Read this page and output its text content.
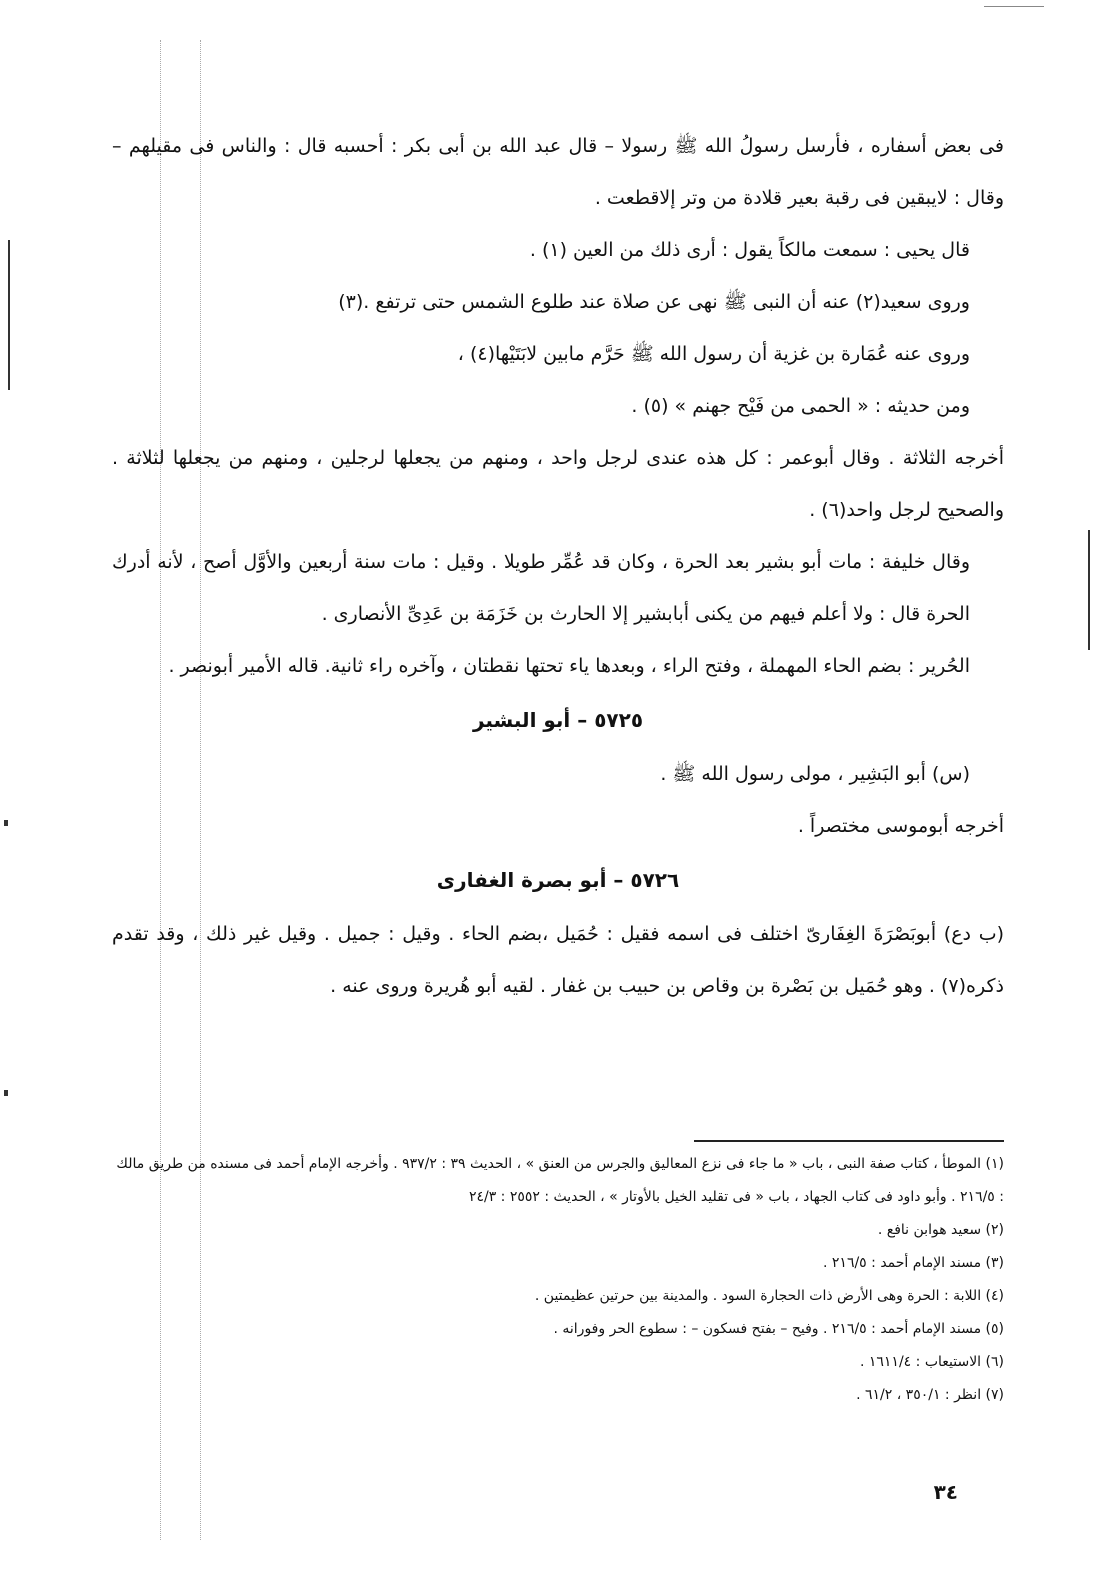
فى بعض أسفاره ، فأرسل رسولُ الله ﷺ رسولا – قال عبد الله بن أبى بكر : أحسبه قال : والناس فى مقيلهم – وقال : لايبقين فى رقبة بعير قلادة من وتر إلاقطعت .

قال يحيى : سمعت مالكاً يقول : أرى ذلك من العين (١) .

وروى سعيد(٢) عنه أن النبى ﷺ نهى عن صلاة عند طلوع الشمس حتى ترتفع .(٣)

وروى عنه عُمَارة بن غزية أن رسول الله ﷺ حَرَّم مابين لابَتَيْها(٤) ،

ومن حديثه : « الحمى من فَيْح جهنم » (٥) .

أخرجه الثلاثة . وقال أبوعمر : كل هذه عندى لرجل واحد ، ومنهم من يجعلها لرجلين ، ومنهم من يجعلها لثلاثة . والصحيح لرجل واحد(٦) .

وقال خليفة : مات أبو بشير بعد الحرة ، وكان قد عُمِّر طويلا . وقيل : مات سنة أربعين والأوَّل أصح ، لأنه أدرك الحرة قال : ولا أعلم فيهم من يكنى أبابشير إلا الحارث بن خَزَمَة بن عَدِىِّ الأنصارى .

الحُرير : بضم الحاء المهملة ، وفتح الراء ، وبعدها ياء تحتها نقطتان ، وآخره راء ثانية. قاله الأمير أبونصر .

٥٧٢٥ – أبو البشير

(س) أبو البَشِير ، مولى رسول الله ﷺ .

أخرجه أبوموسى مختصراً .

٥٧٢٦ – أبو بصرة الغفارى

(ب دع) أبوبَصْرَةَ الغِفَارىّ اختلف فى اسمه فقيل : حُمَيل ،بضم الحاء . وقيل : جميل . وقيل غير ذلك ، وقد تقدم ذكره(٧) . وهو حُمَيل بن بَصْرة بن وقاص بن حبيب بن غفار . لقيه أبو هُريرة وروى عنه .

(١) الموطأ ، كتاب صفة النبى ، باب « ما جاء فى نزع المعاليق والجرس من العنق » ، الحديث ٣٩ : ٩٣٧/٢ . وأخرجه الإمام أحمد فى مسنده من طريق مالك : ٢١٦/٥ . وأبو داود فى كتاب الجهاد ، باب « فى تقليد الخيل بالأوتار » ، الحديث : ٢٥٥٢ : ٢٤/٣

(٢) سعيد هوابن نافع .

(٣) مسند الإمام أحمد : ٢١٦/٥ .

(٤) اللابة : الحرة وهى الأرض ذات الحجارة السود . والمدينة بين حرتين عظيمتين .

(٥) مسند الإمام أحمد : ٢١٦/٥ . وفيح – بفتح فسكون – : سطوع الحر وفورانه .

(٦) الاستيعاب : ١٦١١/٤ .

(٧) انظر : ٣٥٠/١ ، ٦١/٢ .

٣٤
